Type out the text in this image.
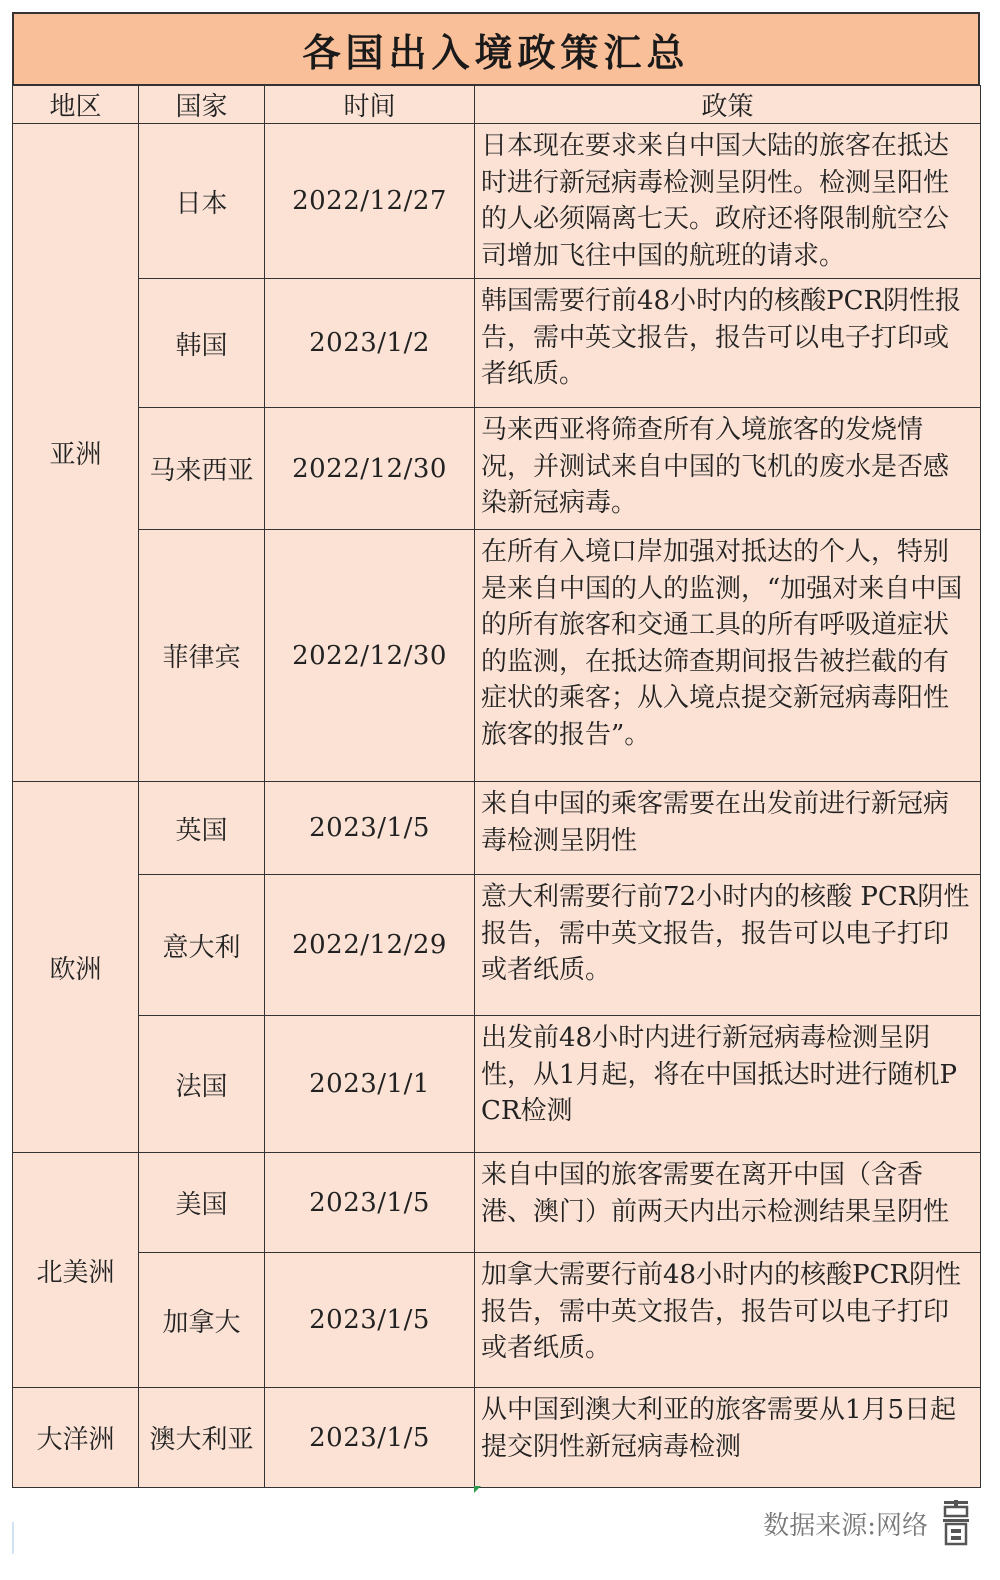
各国出入境政策汇总
地区	国家	时间	政策
亚洲	日本	2022/12/27	日本现在要求来自中国大陆的旅客在抵达时进行新冠病毒检测呈阴性。检测呈阳性的人必须隔离七天。政府还将限制航空公司增加飞往中国的航班的请求。
	韩国	2023/1/2	韩国需要行前48小时内的核酸PCR阴性报告，需中英文报告，报告可以电子打印或者纸质。
	马来西亚	2022/12/30	马来西亚将筛查所有入境旅客的发烧情况，并测试来自中国的飞机的废水是否感染新冠病毒。
	菲律宾	2022/12/30	在所有入境口岸加强对抵达的个人，特别是来自中国的人的监测，“加强对来自中国的所有旅客和交通工具的所有呼吸道症状的监测，在抵达筛查期间报告被拦截的有症状的乘客；从入境点提交新冠病毒阳性旅客的报告”。
欧洲	英国	2023/1/5	来自中国的乘客需要在出发前进行新冠病毒检测呈阴性
	意大利	2022/12/29	意大利需要行前72小时内的核酸 PCR阴性报告，需中英文报告，报告可以电子打印或者纸质。
	法国	2023/1/1	出发前48小时内进行新冠病毒检测呈阴性，从1月起，将在中国抵达时进行随机PCR检测
北美洲	美国	2023/1/5	来自中国的旅客需要在离开中国（含香港、澳门）前两天内出示检测结果呈阴性
	加拿大	2023/1/5	加拿大需要行前48小时内的核酸PCR阴性报告，需中英文报告，报告可以电子打印或者纸质。
大洋洲	澳大利亚	2023/1/5	从中国到澳大利亚的旅客需要从1月5日起提交阴性新冠病毒检测
数据来源:网络
